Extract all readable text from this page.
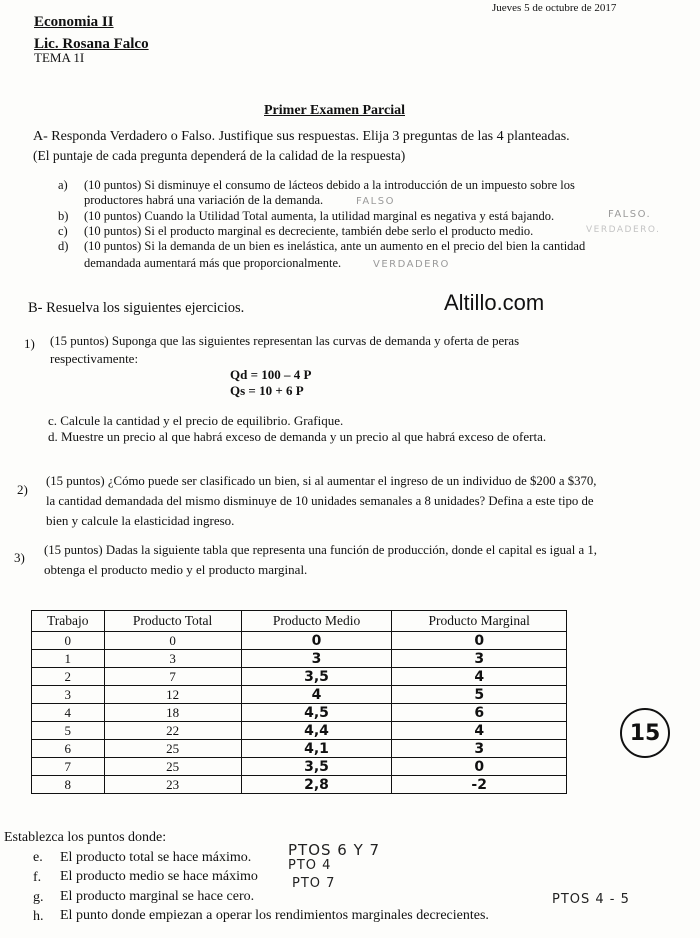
Jueves 5 de octubre de 2017
Economia II
Lic. Rosana Falco
TEMA 1I
Primer Examen Parcial
A- Responda Verdadero o Falso. Justifique sus respuestas. Elija 3 preguntas de las 4 planteadas.
(El puntaje de cada pregunta dependerá de la calidad de la respuesta)
a) (10 puntos) Si disminuye el consumo de lácteos debido a la introducción de un impuesto sobre los
productores habrá una variación de la demanda.	FALSO
b) (10 puntos) Cuando la Utilidad Total aumenta, la utilidad marginal es negativa y está bajando.	FALSO.
c) (10 puntos) Si el producto marginal es decreciente, también debe serlo el producto medio.	VERDADERO.
d) (10 puntos) Si la demanda de un bien es inelástica, ante un aumento en el precio del bien la cantidad
demandada aumentará más que proporcionalmente.	VERDADERO
B- Resuelva los siguientes ejercicios.	Altillo.com
1) (15 puntos) Suponga que las siguientes representan las curvas de demanda y oferta de peras
respectivamente:
Qd = 100 – 4 P
Qs = 10 + 6 P
c. Calcule la cantidad y el precio de equilibrio. Grafique.
d. Muestre un precio al que habrá exceso de demanda y un precio al que habrá exceso de oferta.
2)
(15 puntos) ¿Cómo puede ser clasificado un bien, si al aumentar el ingreso de un individuo de $200 a $370,
la cantidad demandada del mismo disminuye de 10 unidades semanales a 8 unidades? Defina a este tipo de
bien y calcule la elasticidad ingreso.
3) (15 puntos) Dadas la siguiente tabla que representa una función de producción, donde el capital es igual a 1,
obtenga el producto medio y el producto marginal.
Trabajo	Producto Total	Producto Medio	Producto Marginal
0	0	0	0
1	3	3	3
2	7	3,5	4
3	12	4	5
4	18	4,5	6
5	22	4,4	4
6	25	4,1	3
7	25	3,5	0
8	23	2,8	-2
15
Establezca los puntos donde:
e. El producto total se hace máximo. PTOS 6 Y 7
f. El producto medio se hace máximo
PTO 4
g. El producto marginal se hace cero.
PTO 7
h. El punto donde empiezan a operar los rendimientos marginales decrecientes.
PTOS 4 - 5
